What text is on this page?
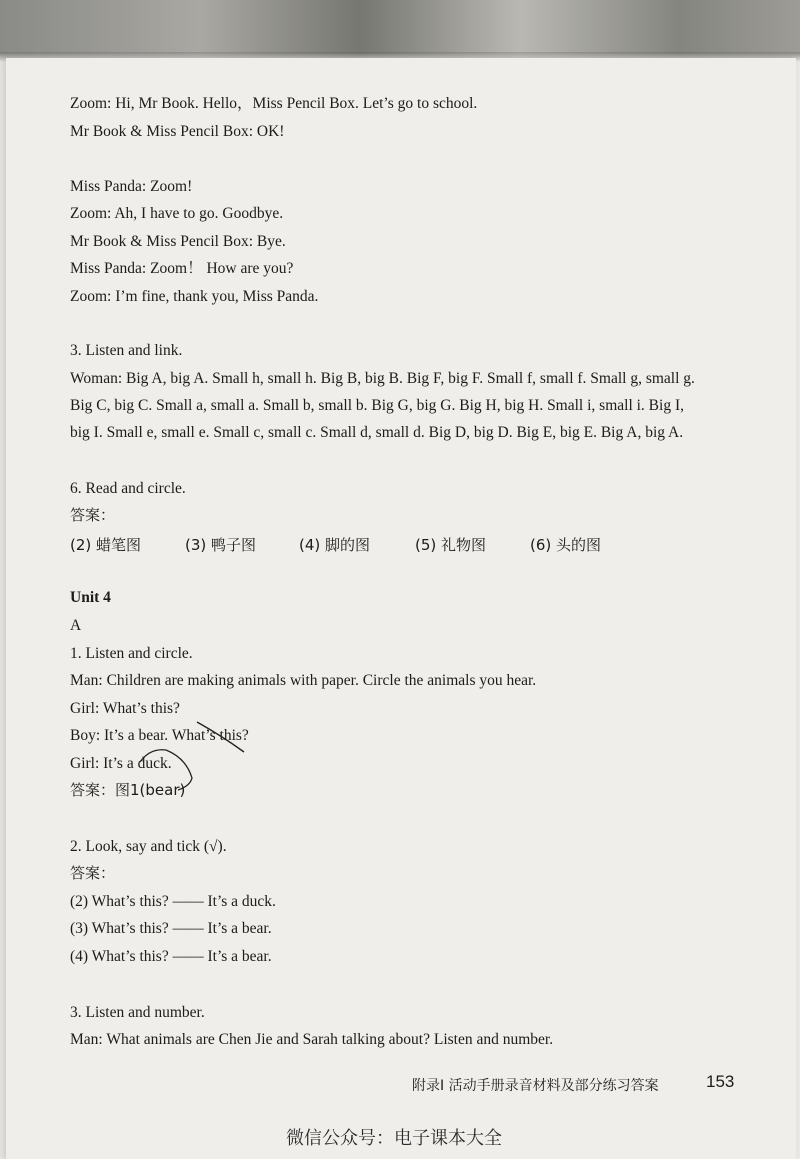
Zoom: Hi, Mr Book. Hello，Miss Pencil Box. Let’s go to school.
Mr Book & Miss Pencil Box: OK!
Miss Panda: Zoom!
Zoom: Ah, I have to go. Goodbye.
Mr Book & Miss Pencil Box: Bye.
Miss Panda: Zoom！ How are you?
Zoom: I’m fine, thank you, Miss Panda.
3. Listen and link.
Woman: Big A, big A. Small h, small h. Big B, big B. Big F, big F. Small f, small f. Small g, small g.
Big C, big C. Small a, small a. Small b, small b. Big G, big G. Big H, big H. Small i, small i. Big I,
big I. Small e, small e. Small c, small c. Small d, small d. Big D, big D. Big E, big E. Big A, big A.
6. Read and circle.
答案：
(2) 蜡笔图	(3) 鸭子图	(4) 脚的图	(5) 礼物图	(6) 头的图
Unit 4
A
1. Listen and circle.
Man: Children are making animals with paper. Circle the animals you hear.
Girl: What’s this?
Boy: It’s a bear. What’s this?
Girl: It’s a duck.
答案：图1(bear)
2. Look, say and tick (√).
答案：
(2) What’s this? —— It’s a duck.
(3) What’s this? —— It’s a bear.
(4) What’s this? —— It’s a bear.
3. Listen and number.
Man: What animals are Chen Jie and Sarah talking about? Listen and number.
附录I 活动手册录音材料及部分练习答案	153
微信公众号：电子课本大全
